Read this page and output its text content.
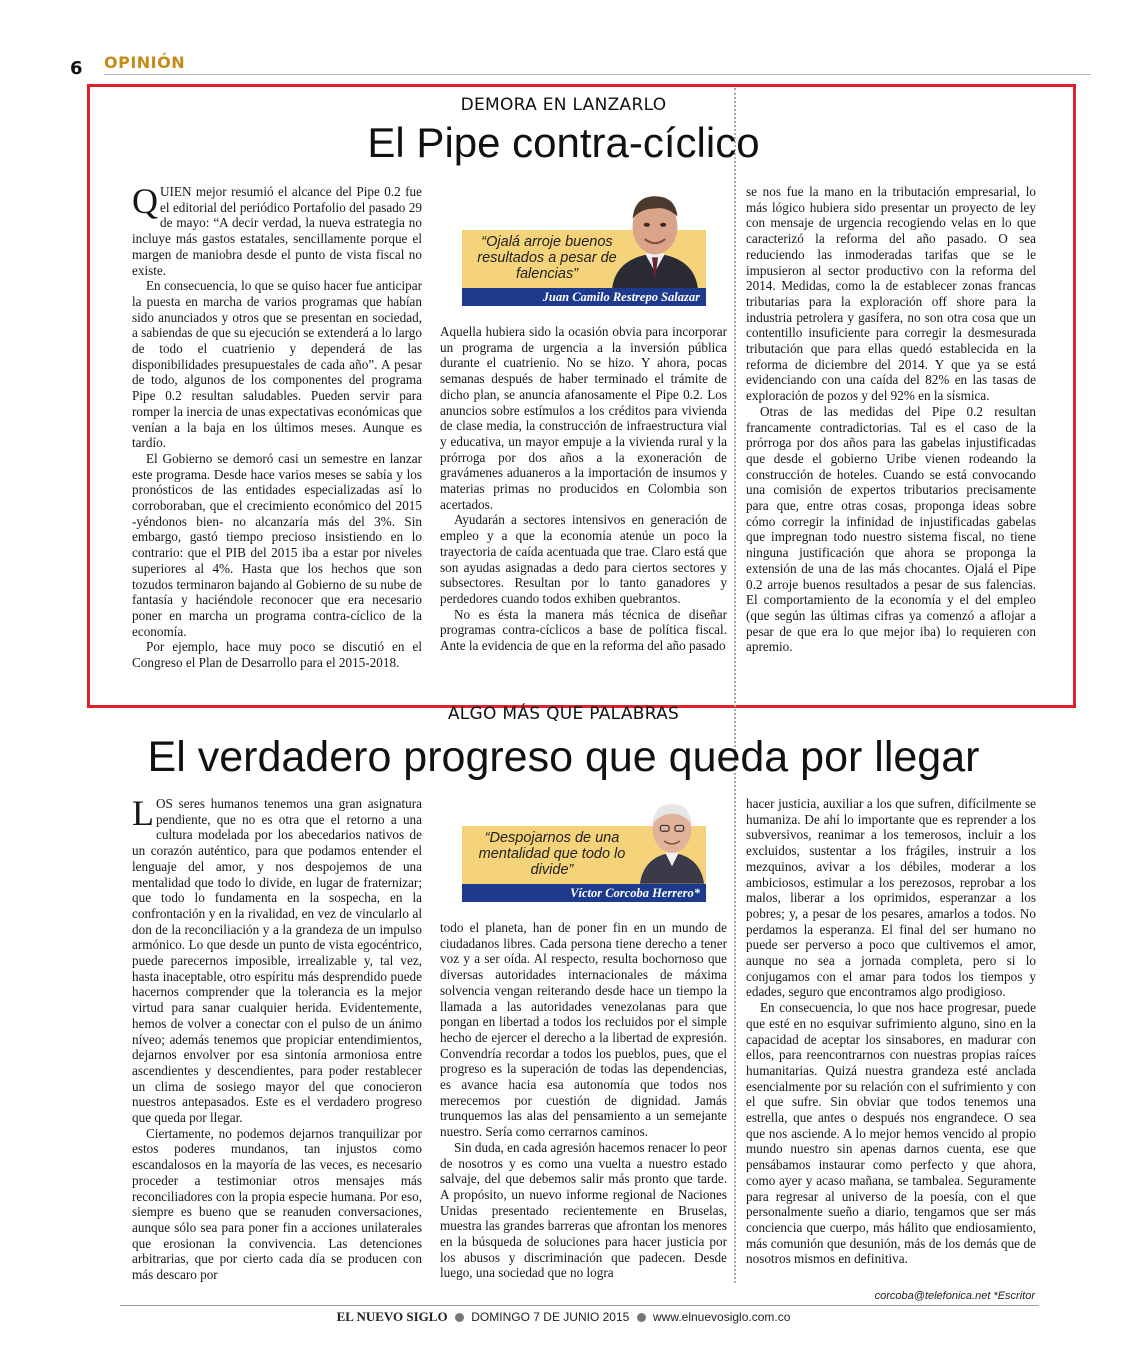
6 OPINIÓN
DEMORA EN LANZARLO
El Pipe contra-cíclico

QUIEN mejor resumió el alcance del Pipe 0.2 fue el editorial del periódico Portafolio del pasado 29 de mayo: “A decir verdad, la nueva estrategia no incluye más gastos estatales, sencillamente porque el margen de maniobra desde el punto de vista fiscal no existe.

En consecuencia, lo que se quiso hacer fue anticipar la puesta en marcha de varios programas que habían sido anunciados y otros que se presentan en sociedad, a sabiendas de que su ejecución se extenderá a lo largo de todo el cuatrienio y dependerá de las disponibilidades presupuestales de cada año”. A pesar de todo, algunos de los componentes del programa Pipe 0.2 resultan saludables. Pueden servir para romper la inercia de unas expectativas económicas que venían a la baja en los últimos meses. Aunque es tardío.

El Gobierno se demoró casi un semestre en lanzar este programa. Desde hace varios meses se sabía y los pronósticos de las entidades especializadas así lo corroboraban, que el crecimiento económico del 2015 -yéndonos bien- no alcanzaría más del 3%. Sin embargo, gastó tiempo precioso insistiendo en lo contrario: que el PIB del 2015 iba a estar por niveles superiores al 4%. Hasta que los hechos que son tozudos terminaron bajando al Gobierno de su nube de fantasía y haciéndole reconocer que era necesario poner en marcha un programa contra-cíclico de la economía.

Por ejemplo, hace muy poco se discutió en el Congreso el Plan de Desarrollo para el 2015-2018.

“Ojalá arroje buenos resultados a pesar de falencias”
Juan Camilo Restrepo Salazar

Aquella hubiera sido la ocasión obvia para incorporar un programa de urgencia a la inversión pública durante el cuatrienio. No se hizo. Y ahora, pocas semanas después de haber terminado el trámite de dicho plan, se anuncia afanosamente el Pipe 0.2. Los anuncios sobre estímulos a los créditos para vivienda de clase media, la construcción de infraestructura vial y educativa, un mayor empuje a la vivienda rural y la prórroga por dos años a la exoneración de gravámenes aduaneros a la importación de insumos y materias primas no producidos en Colombia son acertados.

Ayudarán a sectores intensivos en generación de empleo y a que la economía atenúe un poco la trayectoria de caída acentuada que trae. Claro está que son ayudas asignadas a dedo para ciertos sectores y subsectores. Resultan por lo tanto ganadores y perdedores cuando todos exhiben quebrantos.

No es ésta la manera más técnica de diseñar programas contra-cíclicos a base de política fiscal. Ante la evidencia de que en la reforma del año pasado

se nos fue la mano en la tributación empresarial, lo más lógico hubiera sido presentar un proyecto de ley con mensaje de urgencia recogiendo velas en lo que caracterizó la reforma del año pasado. O sea reduciendo las inmoderadas tarifas que se le impusieron al sector productivo con la reforma del 2014. Medidas, como la de establecer zonas francas tributarias para la exploración off shore para la industria petrolera y gasífera, no son otra cosa que un contentillo insuficiente para corregir la desmesurada tributación que para ellas quedó establecida en la reforma de diciembre del 2014. Y que ya se está evidenciando con una caída del 82% en las tasas de exploración de pozos y del 92% en la sísmica.

Otras de las medidas del Pipe 0.2 resultan francamente contradictorias. Tal es el caso de la prórroga por dos años para las gabelas injustificadas que desde el gobierno Uribe vienen rodeando la construcción de hoteles. Cuando se está convocando una comisión de expertos tributarios precisamente para que, entre otras cosas, proponga ideas sobre cómo corregir la infinidad de injustificadas gabelas que impregnan todo nuestro sistema fiscal, no tiene ninguna justificación que ahora se proponga la extensión de una de las más chocantes. Ojalá el Pipe 0.2 arroje buenos resultados a pesar de sus falencias. El comportamiento de la economía y el del empleo (que según las últimas cifras ya comenzó a aflojar a pesar de que era lo que mejor iba) lo requieren con apremio.

ALGO MÁS QUE PALABRAS
El verdadero progreso que queda por llegar

LOS seres humanos tenemos una gran asignatura pendiente, que no es otra que el retorno a una cultura modelada por los abecedarios nativos de un corazón auténtico, para que podamos entender el lenguaje del amor, y nos despojemos de una mentalidad que todo lo divide, en lugar de fraternizar; que todo lo fundamenta en la sospecha, en la confrontación y en la rivalidad, en vez de vincularlo al don de la reconciliación y a la grandeza de un impulso armónico. Lo que desde un punto de vista egocéntrico, puede parecernos imposible, irrealizable y, tal vez, hasta inaceptable, otro espíritu más desprendido puede hacernos comprender que la tolerancia es la mejor virtud para sanar cualquier herida. Evidentemente, hemos de volver a conectar con el pulso de un ánimo níveo; además tenemos que propiciar entendimientos, dejarnos envolver por esa sintonía armoniosa entre ascendientes y descendientes, para poder restablecer un clima de sosiego mayor del que conocieron nuestros antepasados. Este es el verdadero progreso que queda por llegar.

Ciertamente, no podemos dejarnos tranquilizar por estos poderes mundanos, tan injustos como escandalosos en la mayoría de las veces, es necesario proceder a testimoniar otros mensajes más reconciliadores con la propia especie humana. Por eso, siempre es bueno que se reanuden conversaciones, aunque sólo sea para poner fin a acciones unilaterales que erosionan la convivencia. Las detenciones arbitrarias, que por cierto cada día se producen con más descaro por

“Despojarnos de una mentalidad que todo lo divide”
Víctor Corcoba Herrero*

todo el planeta, han de poner fin en un mundo de ciudadanos libres. Cada persona tiene derecho a tener voz y a ser oída. Al respecto, resulta bochornoso que diversas autoridades internacionales de máxima solvencia vengan reiterando desde hace un tiempo la llamada a las autoridades venezolanas para que pongan en libertad a todos los recluidos por el simple hecho de ejercer el derecho a la libertad de expresión. Convendría recordar a todos los pueblos, pues, que el progreso es la superación de todas las dependencias, es avance hacia esa autonomía que todos nos merecemos por cuestión de dignidad. Jamás trunquemos las alas del pensamiento a un semejante nuestro. Sería como cerrarnos caminos.

Sin duda, en cada agresión hacemos renacer lo peor de nosotros y es como una vuelta a nuestro estado salvaje, del que debemos salir más pronto que tarde. A propósito, un nuevo informe regional de Naciones Unidas presentado recientemente en Bruselas, muestra las grandes barreras que afrontan los menores en la búsqueda de soluciones para hacer justicia por los abusos y discriminación que padecen. Desde luego, una sociedad que no logra

hacer justicia, auxiliar a los que sufren, difícilmente se humaniza. De ahí lo importante que es reprender a los subversivos, reanimar a los temerosos, incluir a los excluidos, sustentar a los frágiles, instruir a los mezquinos, avivar a los débiles, moderar a los ambiciosos, estimular a los perezosos, reprobar a los malos, liberar a los oprimidos, esperanzar a los pobres; y, a pesar de los pesares, amarlos a todos. No perdamos la esperanza. El final del ser humano no puede ser perverso a poco que cultivemos el amor, aunque no sea a jornada completa, pero si lo conjugamos con el amar para todos los tiempos y edades, seguro que encontramos algo prodigioso.

En consecuencia, lo que nos hace progresar, puede que esté en no esquivar sufrimiento alguno, sino en la capacidad de aceptar los sinsabores, en madurar con ellos, para reencontrarnos con nuestras propias raíces humanitarias. Quizá nuestra grandeza esté anclada esencialmente por su relación con el sufrimiento y con el que sufre. Sin obviar que todos tenemos una estrella, que antes o después nos engrandece. O sea que nos asciende. A lo mejor hemos vencido al propio mundo nuestro sin apenas darnos cuenta, ese que pensábamos instaurar como perfecto y que ahora, como ayer y acaso mañana, se tambalea. Seguramente para regresar al universo de la poesía, con el que personalmente sueño a diario, tengamos que ser más conciencia que cuerpo, más hálito que endiosamiento, más comunión que desunión, más de los demás que de nosotros mismos en definitiva.

corcoba@telefonica.net *Escritor
EL NUEVO SIGLO DOMINGO 7 DE JUNIO 2015 www.elnuevosiglo.com.co
